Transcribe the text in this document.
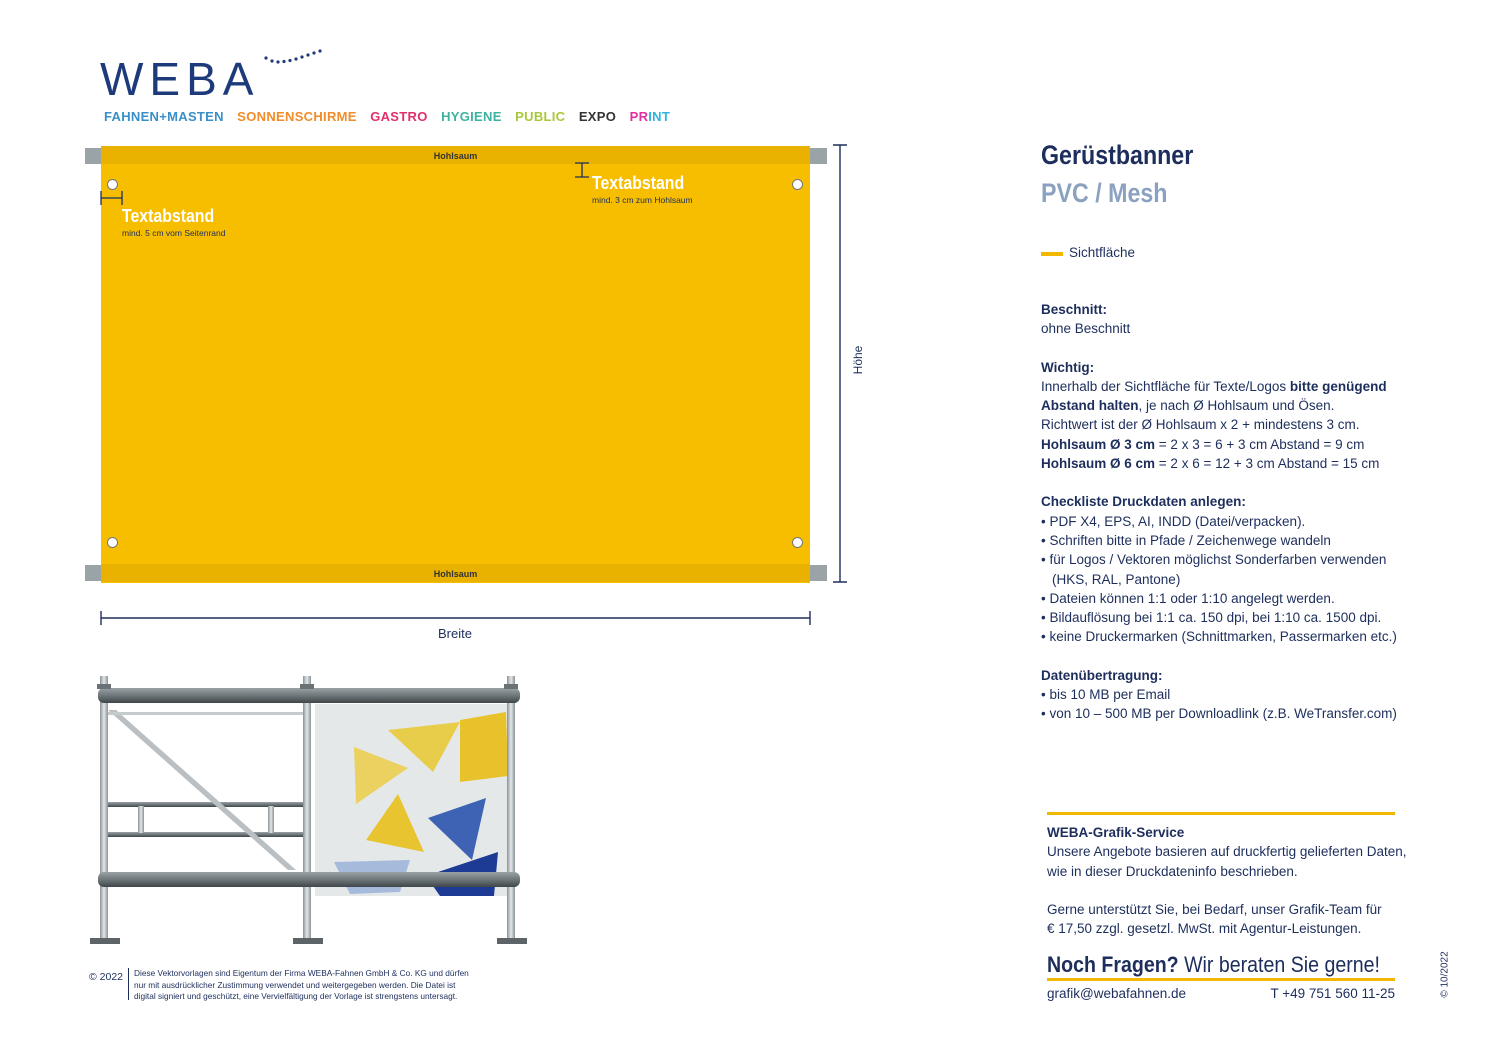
WEBA
FAHNEN+MASTEN SONNENSCHIRME GASTRO HYGIENE PUBLIC EXPO PRINT
Hohlsaum
Hohlsaum
Textabstand
mind. 3 cm zum Hohlsaum
Textabstand
mind. 5 cm vom Seitenrand
Höhe
Breite
© 2022 Diese Vektorvorlagen sind Eigentum der Firma WEBA-Fahnen GmbH & Co. KG und dürfen
nur mit ausdrücklicher Zustimmung verwendet und weitergegeben werden. Die Datei ist
digital signiert und geschützt, eine Vervielfältigung der Vorlage ist strengstens untersagt.
Gerüstbanner
PVC / Mesh
Sichtfläche
Beschnitt:
ohne Beschnitt
Wichtig:
Innerhalb der Sichtfläche für Texte/Logos bitte genügend
Abstand halten, je nach Ø Hohlsaum und Ösen.
Richtwert ist der Ø Hohlsaum x 2 + mindestens 3 cm.
Hohlsaum Ø 3 cm = 2 x 3 = 6 + 3 cm Abstand = 9 cm
Hohlsaum Ø 6 cm = 2 x 6 = 12 + 3 cm Abstand = 15 cm
Checkliste Druckdaten anlegen:
• PDF X4, EPS, AI, INDD (Datei/verpacken).
• Schriften bitte in Pfade / Zeichenwege wandeln
• für Logos / Vektoren möglichst Sonderfarben verwenden
(HKS, RAL, Pantone)
• Dateien können 1:1 oder 1:10 angelegt werden.
• Bildauflösung bei 1:1 ca. 150 dpi, bei 1:10 ca. 1500 dpi.
• keine Druckermarken (Schnittmarken, Passermarken etc.)
Datenübertragung:
• bis 10 MB per Email
• von 10 – 500 MB per Downloadlink (z.B. WeTransfer.com)
WEBA-Grafik-Service
Unsere Angebote basieren auf druckfertig gelieferten Daten,
wie in dieser Druckdateninfo beschrieben.
Gerne unterstützt Sie, bei Bedarf, unser Grafik-Team für
€ 17,50 zzgl. gesetzl. MwSt. mit Agentur-Leistungen.
Noch Fragen? Wir beraten Sie gerne!
grafik@webafahnen.de	T +49 751 560 11-25	© 10/2022
